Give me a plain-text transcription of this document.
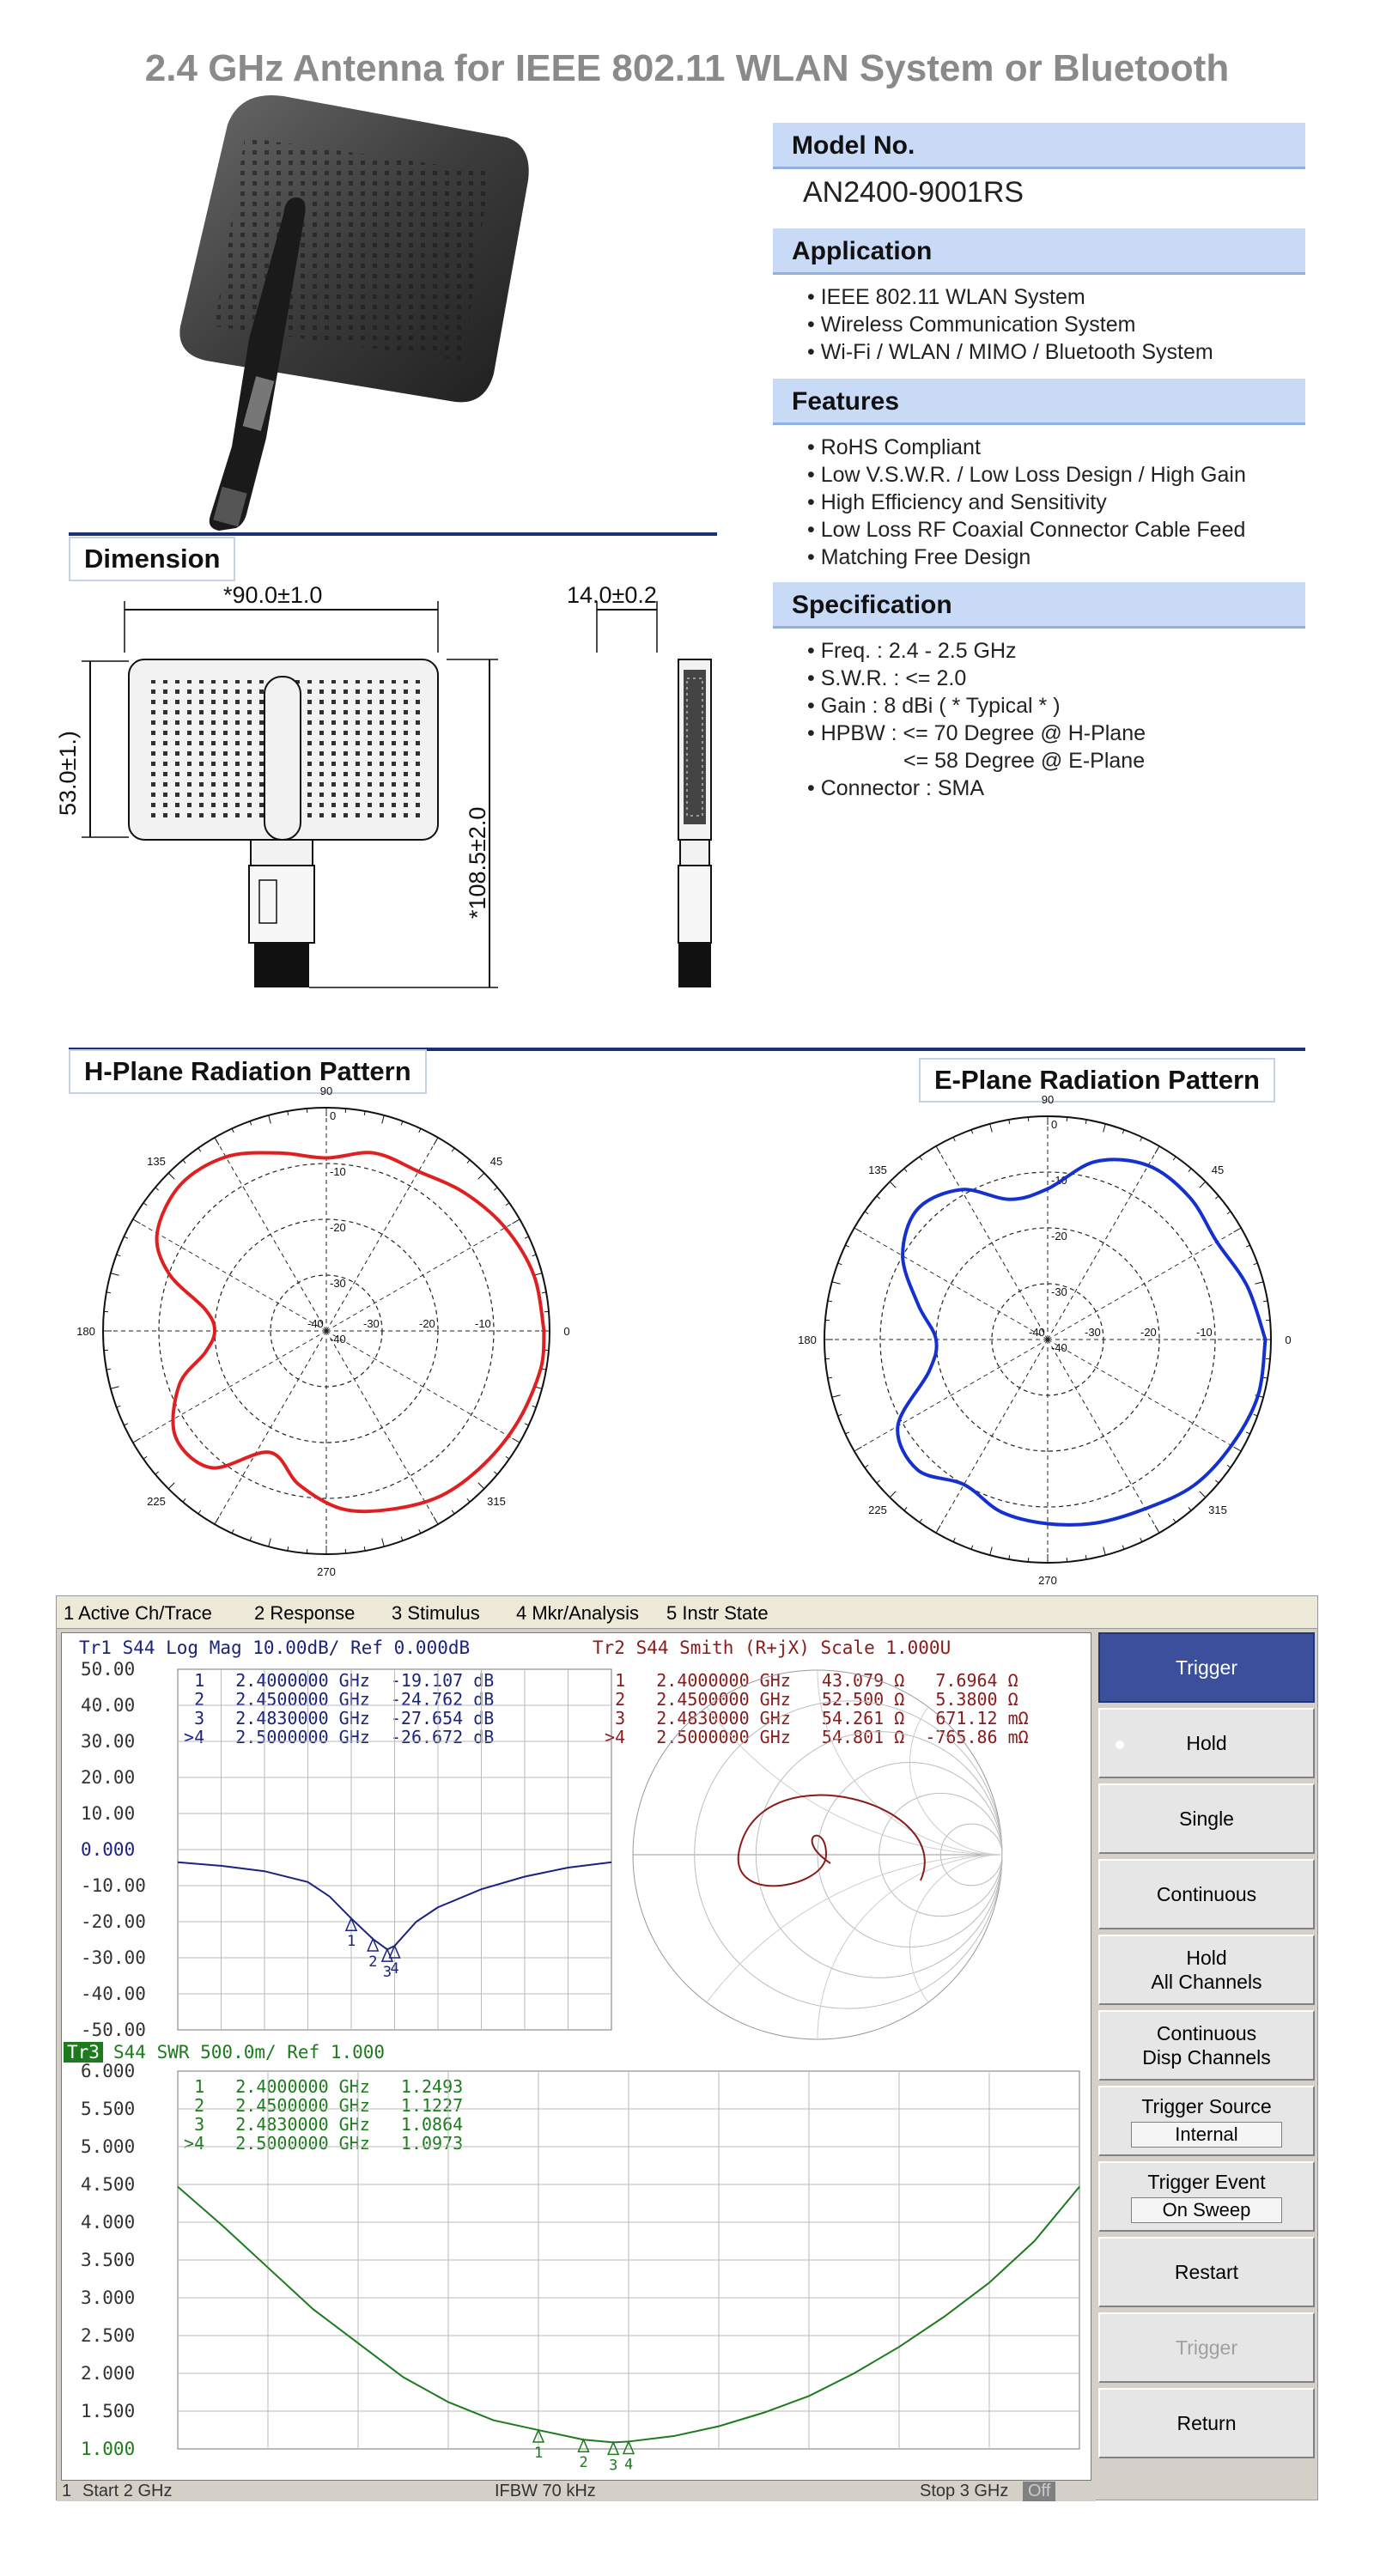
2.4 GHz Antenna for IEEE 802.11 WLAN System or Bluetooth
Model No.
AN2400-9001RS
Application
• IEEE 802.11 WLAN System
• Wireless Communication System
• Wi-Fi / WLAN / MIMO / Bluetooth System
Features
• RoHS Compliant
• Low V.S.W.R. / Low Loss Design / High Gain
• High Efficiency and Sensitivity
• Low Loss RF Coaxial Connector Cable Feed
• Matching Free Design
Specification
• Freq. : 2.4 - 2.5 GHz
• S.W.R. : <= 2.0
• Gain : 8 dBi ( * Typical * )
• HPBW : <= 70 Degree @ H-Plane
<= 58 Degree @ E-Plane
• Connector : SMA
Dimension
*90.0±1.0
53.0±1.)
*108.5±2.0
14.0±0.2
H-Plane Radiation Pattern	E-Plane Radiation Pattern
0
45
90
135
180
225
270
315
0
-10
-20
-30
-40
-10
-20
-30
-40
0
45
90
135
180
225
270
315
0
-10
-20
-30
-40
-10
-20
-30
-40
1 Active Ch/Trace 2 Response 3 Stimulus 4 Mkr/Analysis 5 Instr State
Tr1 S44 Log Mag 10.00dB/ Ref 0.000dB	Tr2 S44 Smith (R+jX) Scale 1.000U
Tr3 S44 SWR 500.0m/ Ref 1.000
50.00
40.00
30.00
20.00
10.00
0.000
-10.00
-20.00
-30.00
-40.00
-50.00
6.000
5.500
5.000
4.500
4.000
3.500
3.000
2.500
2.000
1.500
1.000
1   2.4000000 GHz  -19.107 dB
2   2.4500000 GHz  -24.762 dB
3   2.4830000 GHz  -27.654 dB
>4   2.5000000 GHz  -26.672 dB
1   2.4000000 GHz   43.079 Ω   7.6964 Ω
2   2.4500000 GHz   52.500 Ω   5.3800 Ω
3   2.4830000 GHz   54.261 Ω   671.12 mΩ
>4   2.5000000 GHz   54.801 Ω  -765.86 mΩ
1   2.4000000 GHz   1.2493
2   2.4500000 GHz   1.1227
3   2.4830000 GHz   1.0864
>4   2.5000000 GHz   1.0973
1
2
3
4
1
2 3 4
1 Start 2 GHz	IFBW 70 kHz	Stop 3 GHz	Off
Trigger
Hold
Single
Continuous
Hold
All Channels
Continuous
Disp Channels
Trigger Source
Internal
Trigger Event
On Sweep
Restart
Trigger
Return
